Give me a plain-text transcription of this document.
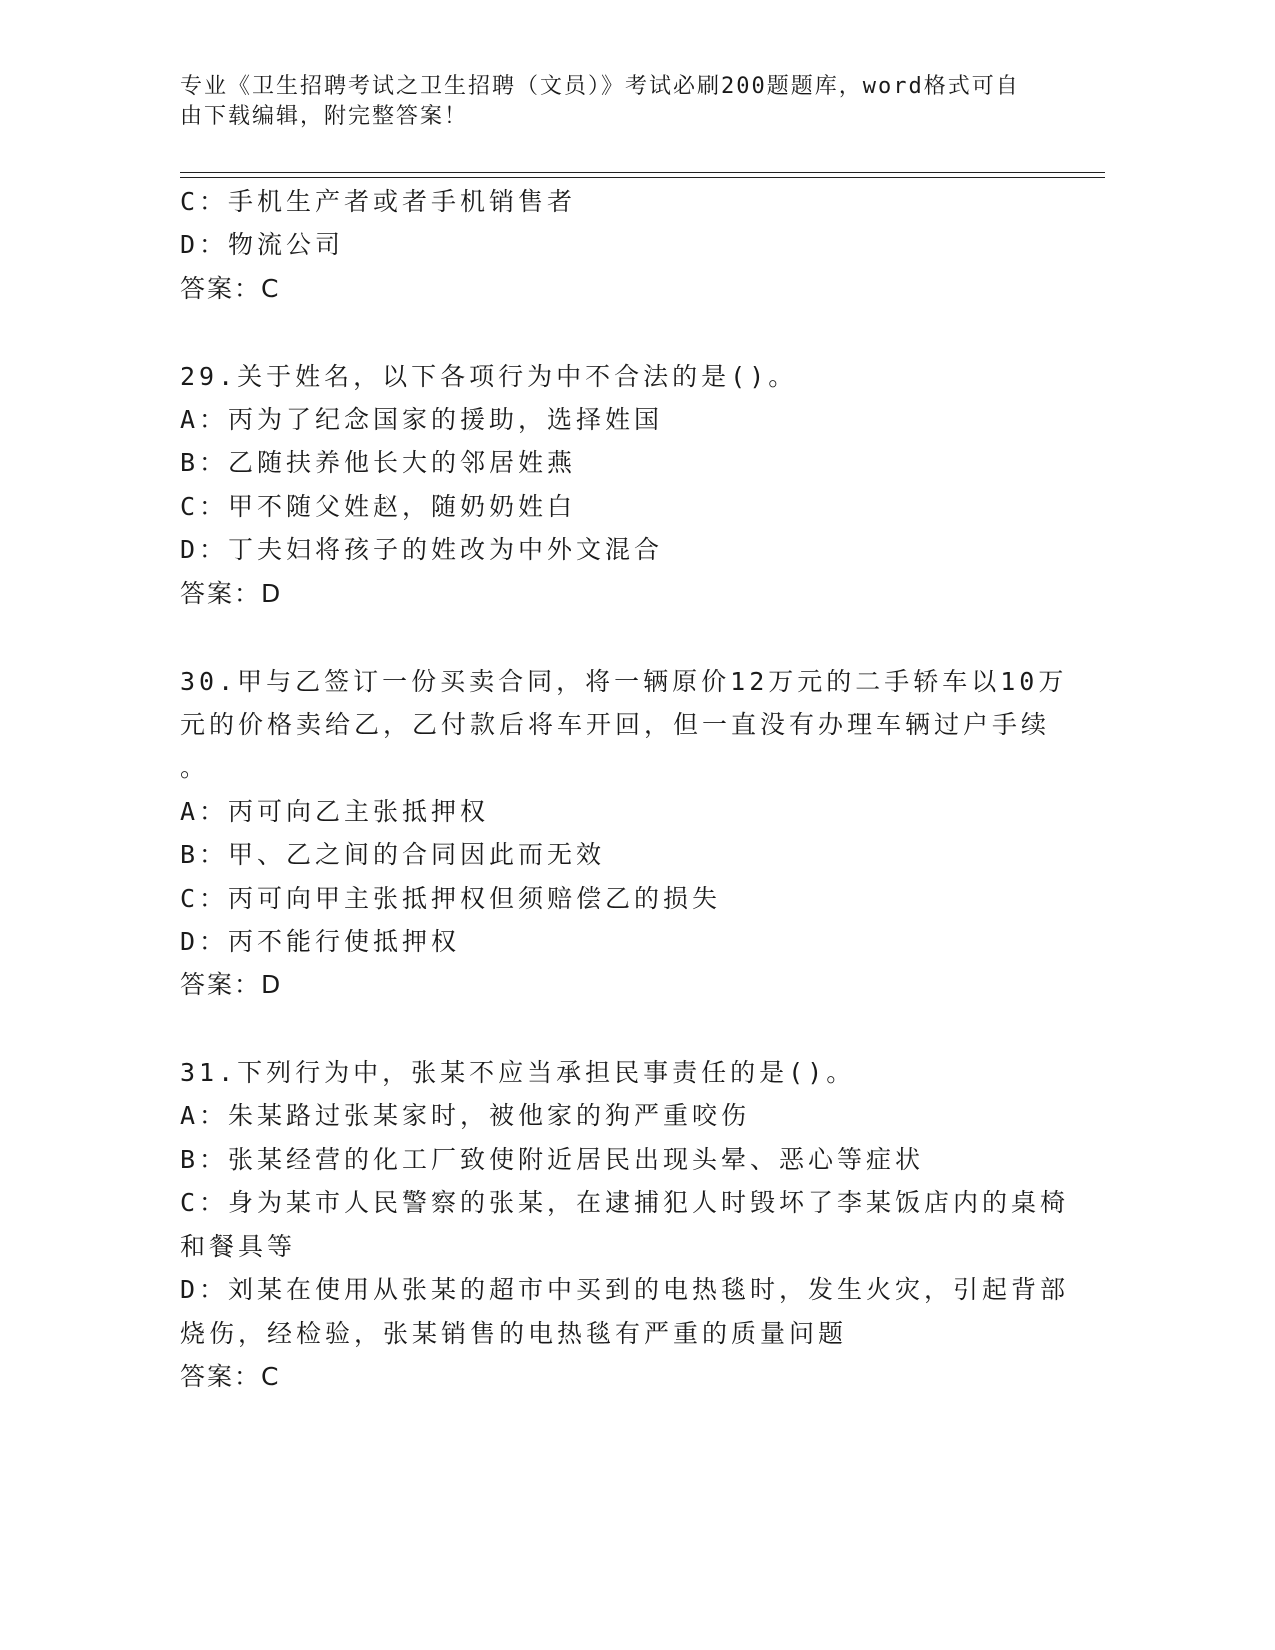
专业《卫生招聘考试之卫生招聘（文员）》考试必刷200题题库，word格式可自
由下载编辑，附完整答案！
C：手机生产者或者手机销售者
D：物流公司
答案：C
29.关于姓名，以下各项行为中不合法的是()。
A：丙为了纪念国家的援助，选择姓国
B：乙随扶养他长大的邻居姓燕
C：甲不随父姓赵，随奶奶姓白
D：丁夫妇将孩子的姓改为中外文混合
答案：D
30.甲与乙签订一份买卖合同，将一辆原价12万元的二手轿车以10万
元的价格卖给乙，乙付款后将车开回，但一直没有办理车辆过户手续
。
A：丙可向乙主张抵押权
B：甲、乙之间的合同因此而无效
C：丙可向甲主张抵押权但须赔偿乙的损失
D：丙不能行使抵押权
答案：D
31.下列行为中，张某不应当承担民事责任的是()。
A：朱某路过张某家时，被他家的狗严重咬伤
B：张某经营的化工厂致使附近居民出现头晕、恶心等症状
C：身为某市人民警察的张某，在逮捕犯人时毁坏了李某饭店内的桌椅
和餐具等
D：刘某在使用从张某的超市中买到的电热毯时，发生火灾，引起背部
烧伤，经检验，张某销售的电热毯有严重的质量问题
答案：C
